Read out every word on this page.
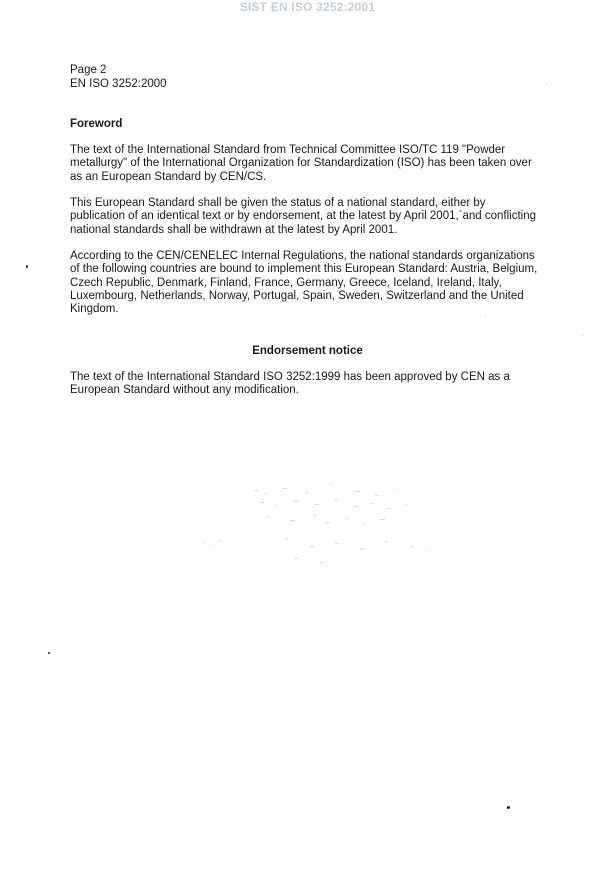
SIST EN ISO 3252:2001
Page 2
EN ISO 3252:2000
Foreword
The text of the International Standard from Technical Committee ISO/TC 119 "Powder
metallurgy" of the International Organization for Standardization (ISO) has been taken over
as an European Standard by CEN/CS.
This European Standard shall be given the status of a national standard, either by
publication of an identical text or by endorsement, at the latest by April 2001,`and conflicting
national standards shall be withdrawn at the latest by April 2001.
According to the CEN/CENELEC Internal Regulations, the national standards organizations
of the following countries are bound to implement this European Standard: Austria, Belgium,
Czech Republic, Denmark, Finland, France, Germany, Greece, Iceland, Ireland, Italy,
Luxembourg, Netherlands, Norway, Portugal, Spain, Sweden, Switzerland and the United
Kingdom.
Endorsement notice
The text of the International Standard ISO 3252:1999 has been approved by CEN as a
European Standard without any modification.
